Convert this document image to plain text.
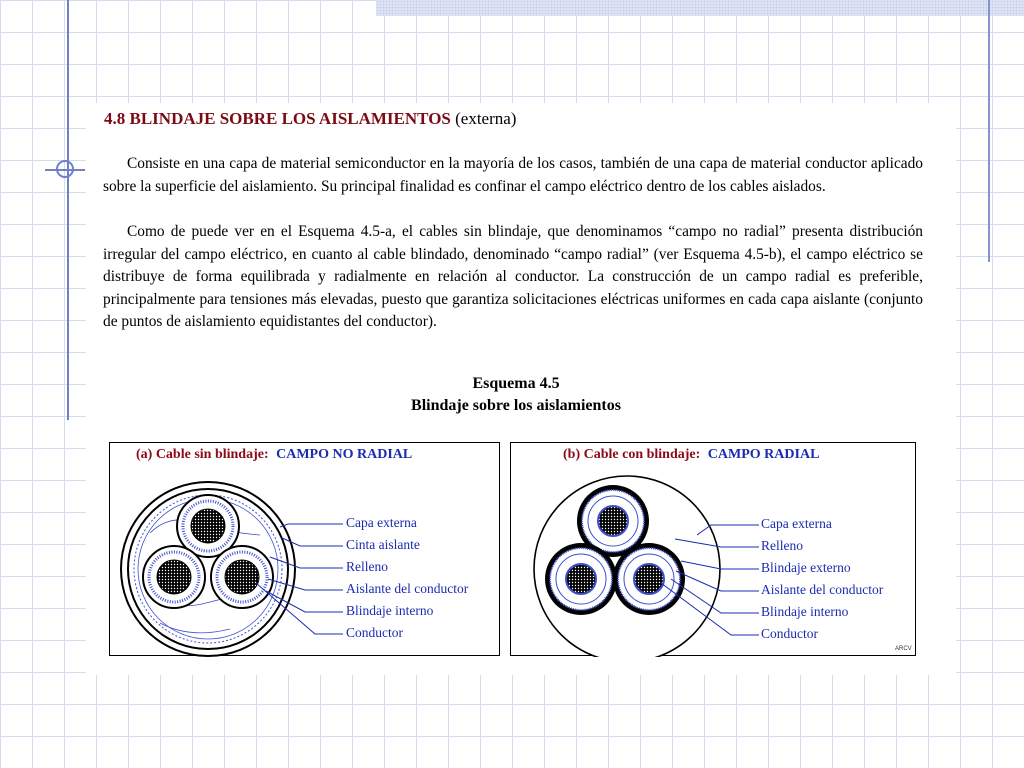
4.8 BLINDAJE SOBRE LOS AISLAMIENTOS (externa)

Consiste en una capa de material semiconductor en la mayoría de los casos, también de una capa de material conductor aplicado sobre la superficie del aislamiento. Su principal finalidad es confinar el campo eléctrico dentro de los cables aislados.

Como de puede ver en el Esquema 4.5-a, el cables sin blindaje, que denominamos “campo no radial” presenta distribución irregular del campo eléctrico, en cuanto al cable blindado, denominado “campo radial” (ver Esquema 4.5-b), el campo eléctrico se distribuye de forma equilibrada y radialmente en relación al conductor. La construcción de un campo radial es preferible, principalmente para tensiones más elevadas, puesto que garantiza solicitaciones eléctricas uniformes en cada capa aislante (conjunto de puntos de aislamiento equidistantes del conductor).

Esquema 4.5
Blindaje sobre los aislamientos
(a) Cable sin blindaje: CAMPO NO RADIAL
Capa externa
Cinta aislante
Relleno
Aislante del conductor
Blindaje interno
Conductor
(b) Cable con blindaje: CAMPO RADIAL
Capa externa
Relleno
Blindaje externo
Aislante del conductor
Blindaje interno
Conductor
ARCV
